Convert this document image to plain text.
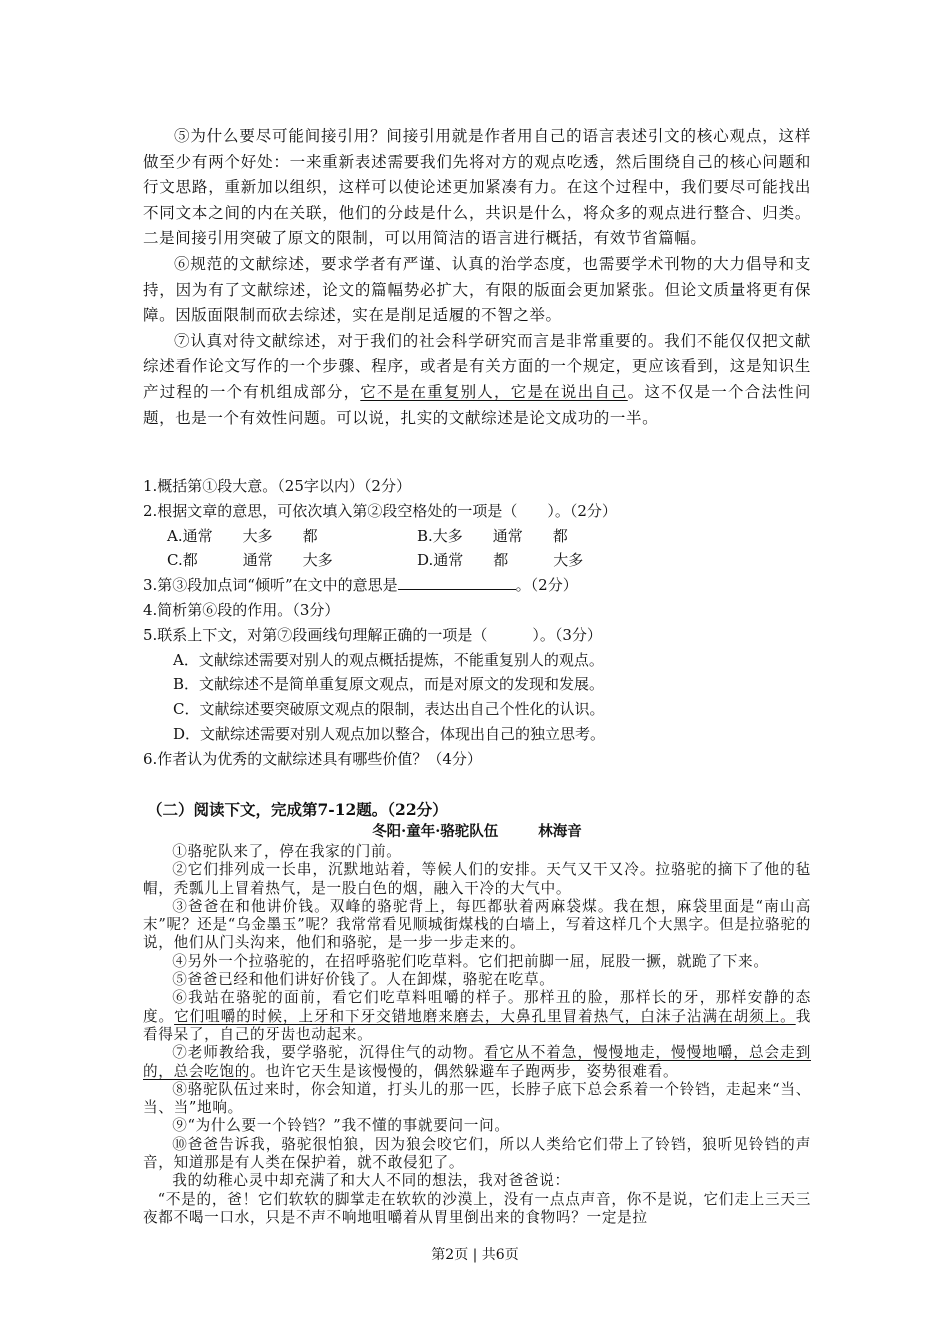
⑤为什么要尽可能间接引用？间接引用就是作者用自己的语言表述引文的核心观点，这样做至少有两个好处：一来重新表述需要我们先将对方的观点吃透，然后围绕自己的核心问题和行文思路，重新加以组织，这样可以使论述更加紧凑有力。在这个过程中，我们要尽可能找出不同文本之间的内在关联，他们的分歧是什么，共识是什么，将众多的观点进行整合、归类。二是间接引用突破了原文的限制，可以用简洁的语言进行概括，有效节省篇幅。

⑥规范的文献综述，要求学者有严谨、认真的治学态度，也需要学术刊物的大力倡导和支持，因为有了文献综述，论文的篇幅势必扩大，有限的版面会更加紧张。但论文质量将更有保障。因版面限制而砍去综述，实在是削足适履的不智之举。

⑦认真对待文献综述，对于我们的社会科学研究而言是非常重要的。我们不能仅仅把文献综述看作论文写作的一个步骤、程序，或者是有关方面的一个规定，更应该看到，这是知识生产过程的一个有机组成部分，它不是在重复别人，它是在说出自己。这不仅是一个合法性问题，也是一个有效性问题。可以说，扎实的文献综述是论文成功的一半。

1.概括第①段大意。（25字以内）（2分）
2.根据文章的意思，可依次填入第②段空格处的一项是（　　）。（2分）
A.通常　　大多　　都	B.大多　　通常　　都
C.都　　　通常　　大多	D.通常　　都　　　大多
3.第③段加点词“倾听”在文中的意思是	。（2分）
4.简析第⑥段的作用。（3分）
5.联系上下文，对第⑦段画线句理解正确的一项是（　　　）。（3分）
A．文献综述需要对别人的观点概括提炼，不能重复别人的观点。
B．文献综述不是简单重复原文观点，而是对原文的发现和发展。
C．文献综述要突破原文观点的限制，表达出自己个性化的认识。
D．文献综述需要对别人观点加以整合，体现出自己的独立思考。
6.作者认为优秀的文献综述具有哪些价值？（4分）
（二）阅读下文，完成第7-12题。（22分）
冬阳·童年·骆驼队伍	林海音

①骆驼队来了，停在我家的门前。

②它们排列成一长串，沉默地站着，等候人们的安排。天气又干又冷。拉骆驼的摘下了他的毡帽，秃瓢儿上冒着热气，是一股白色的烟，融入干冷的大气中。

③爸爸在和他讲价钱。双峰的骆驼背上，每匹都驮着两麻袋煤。我在想，麻袋里面是“南山高末”呢？还是“乌金墨玉”呢？我常常看见顺城街煤栈的白墙上，写着这样几个大黑字。但是拉骆驼的说，他们从门头沟来，他们和骆驼，是一步一步走来的。

④另外一个拉骆驼的，在招呼骆驼们吃草料。它们把前脚一屈，屁股一撅，就跪了下来。

⑤爸爸已经和他们讲好价钱了。人在卸煤，骆驼在吃草。

⑥我站在骆驼的面前，看它们吃草料咀嚼的样子。那样丑的脸，那样长的牙，那样安静的态度。它们咀嚼的时候，上牙和下牙交错地磨来磨去，大鼻孔里冒着热气，白沫子沾满在胡须上。我看得呆了，自己的牙齿也动起来。

⑦老师教给我，要学骆驼，沉得住气的动物。看它从不着急，慢慢地走，慢慢地嚼，总会走到的，总会吃饱的。也许它天生是该慢慢的，偶然躲避车子跑两步，姿势很难看。

⑧骆驼队伍过来时，你会知道，打头儿的那一匹，长脖子底下总会系着一个铃铛，走起来“当、当、当”地响。

⑨“为什么要一个铃铛？”我不懂的事就要问一问。

⑩爸爸告诉我，骆驼很怕狼，因为狼会咬它们，所以人类给它们带上了铃铛，狼听见铃铛的声音，知道那是有人类在保护着，就不敢侵犯了。

我的幼稚心灵中却充满了和大人不同的想法，我对爸爸说：

“不是的，爸！它们软软的脚掌走在软软的沙漠上，没有一点点声音，你不是说，它们走上三天三夜都不喝一口水，只是不声不响地咀嚼着从胃里倒出来的食物吗？一定是拉

第2页 | 共6页
